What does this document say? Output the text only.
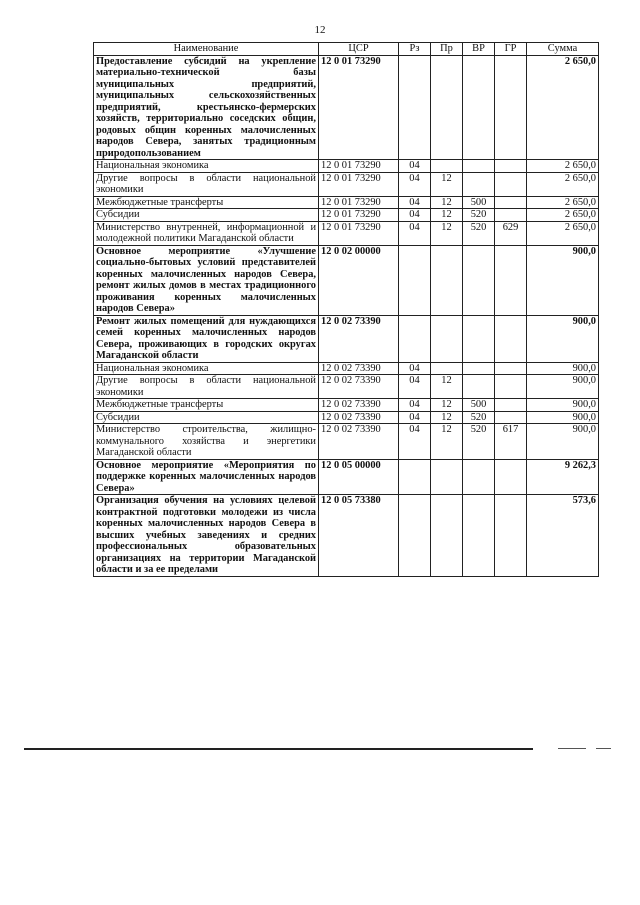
12
Наименование	ЦСР	Рз	Пр	ВР	ГР	Сумма
Предоставление субсидий на укрепление материально-технической базы муниципальных предприятий, муниципальных сельскохозяйственных предприятий, крестьянско-фермерских хозяйств, территориально соседских общин, родовых общин коренных малочисленных народов Севера, занятых традиционным природопользованием	12 0 01 73290					2 650,0
Национальная экономика	12 0 01 73290	04				2 650,0
Другие вопросы в области национальной экономики	12 0 01 73290	04	12			2 650,0
Межбюджетные трансферты	12 0 01 73290	04	12	500		2 650,0
Субсидии	12 0 01 73290	04	12	520		2 650,0
Министерство внутренней, информационной и молодежной политики Магаданской области	12 0 01 73290	04	12	520	629	2 650,0
Основное мероприятие «Улучшение социально-бытовых условий представителей коренных малочисленных народов Севера, ремонт жилых домов в местах традиционного проживания коренных малочисленных народов Севера»	12 0 02 00000					900,0
Ремонт жилых помещений для нуждающихся семей коренных малочисленных народов Севера, проживающих в городских округах Магаданской области	12 0 02 73390					900,0
Национальная экономика	12 0 02 73390	04				900,0
Другие вопросы в области национальной экономики	12 0 02 73390	04	12			900,0
Межбюджетные трансферты	12 0 02 73390	04	12	500		900,0
Субсидии	12 0 02 73390	04	12	520		900,0
Министерство строительства, жилищно-коммунального хозяйства и энергетики Магаданской области	12 0 02 73390	04	12	520	617	900,0
Основное мероприятие «Мероприятия по поддержке коренных малочисленных народов Севера»	12 0 05 00000					9 262,3
Организация обучения на условиях целевой контрактной подготовки молодежи из числа коренных малочисленных народов Севера в высших учебных заведениях и средних профессиональных образовательных организациях на территории Магаданской области и за ее пределами	12 0 05 73380					573,6
